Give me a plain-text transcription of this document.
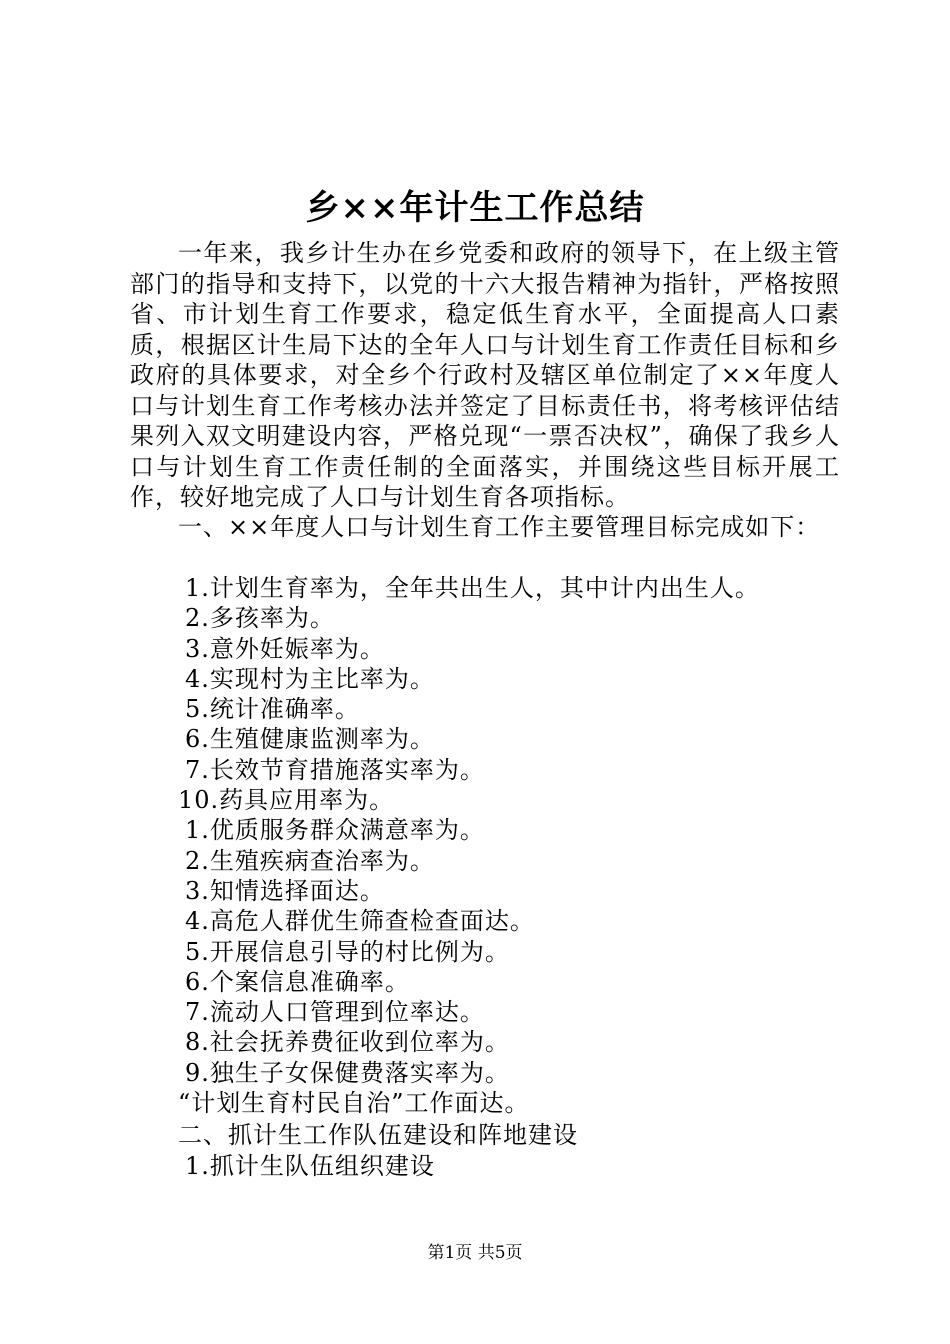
乡××年计生工作总结

一年来，我乡计生办在乡党委和政府的领导下，在上级主管部门的指导和支持下，以党的十六大报告精神为指针，严格按照省、市计划生育工作要求，稳定低生育水平，全面提高人口素质，根据区计生局下达的全年人口与计划生育工作责任目标和乡政府的具体要求，对全乡个行政村及辖区单位制定了××年度人口与计划生育工作考核办法并签定了目标责任书，将考核评估结果列入双文明建设内容，严格兑现“一票否决权”，确保了我乡人口与计划生育工作责任制的全面落实，并围绕这些目标开展工作，较好地完成了人口与计划生育各项指标。

一、××年度人口与计划生育工作主要管理目标完成如下：

1.计划生育率为，全年共出生人，其中计内出生人。
2.多孩率为。
3.意外妊娠率为。
4.实现村为主比率为。
5.统计准确率。
6.生殖健康监测率为。
7.长效节育措施落实率为。
10.药具应用率为。
1.优质服务群众满意率为。
2.生殖疾病查治率为。
3.知情选择面达。
4.高危人群优生筛查检查面达。
5.开展信息引导的村比例为。
6.个案信息准确率。
7.流动人口管理到位率达。
8.社会抚养费征收到位率为。
9.独生子女保健费落实率为。
“计划生育村民自治”工作面达。

二、抓计生工作队伍建设和阵地建设

1.抓计生队伍组织建设

第1页 共5页
